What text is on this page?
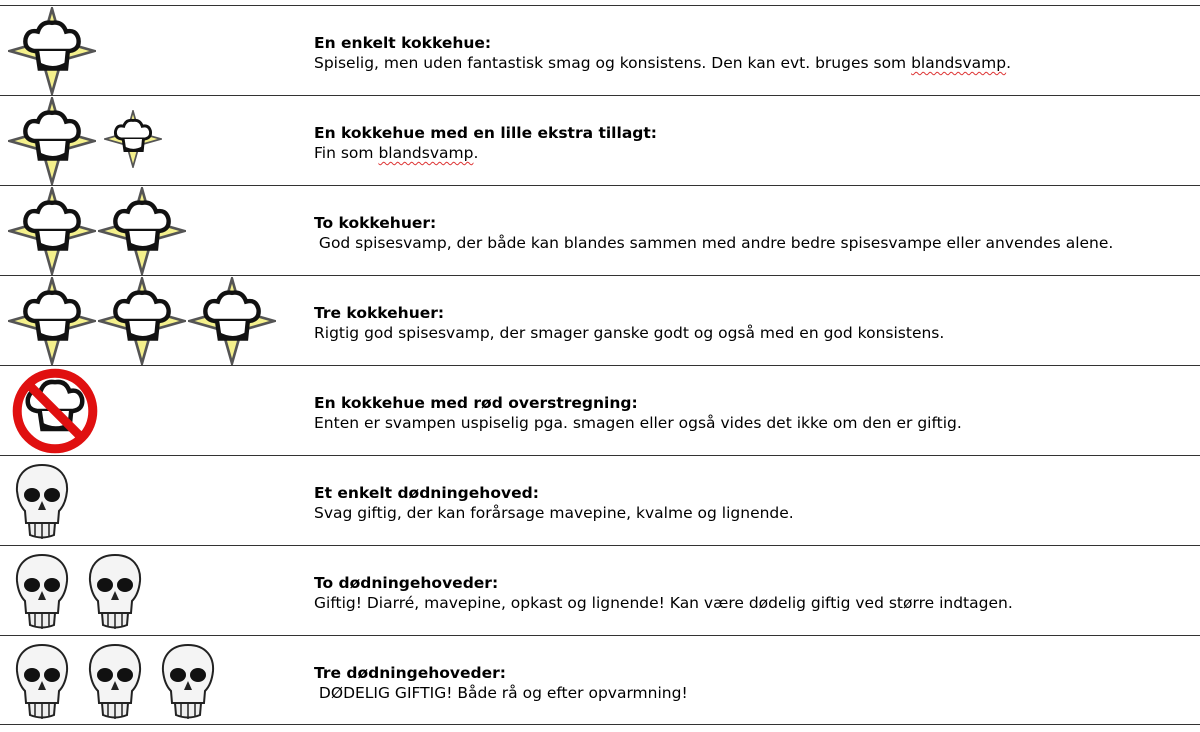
En enkelt kokkehue:
Spiselig, men uden fantastisk smag og konsistens. Den kan evt. bruges som blandsvamp.
En kokkehue med en lille ekstra tillagt:
Fin som blandsvamp.
To kokkehuer:
God spisesvamp, der både kan blandes sammen med andre bedre spisesvampe eller anvendes alene.
Tre kokkehuer:
Rigtig god spisesvamp, der smager ganske godt og også med en god konsistens.
En kokkehue med rød overstregning:
Enten er svampen uspiselig pga. smagen eller også vides det ikke om den er giftig.
Et enkelt dødningehoved:
Svag giftig, der kan forårsage mavepine, kvalme og lignende.
To dødningehoveder:
Giftig! Diarré, mavepine, opkast og lignende! Kan være dødelig giftig ved større indtagen.
Tre dødningehoveder:
DØDELIG GIFTIG! Både rå og efter opvarmning!
